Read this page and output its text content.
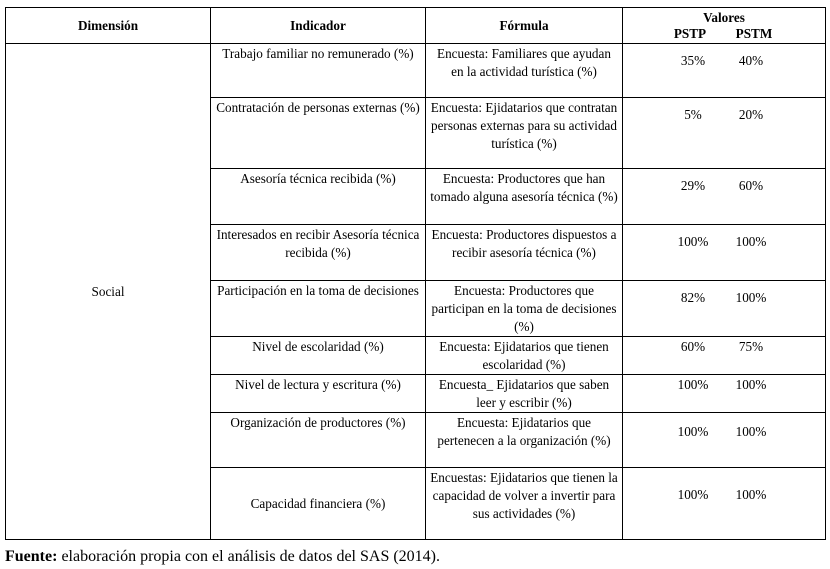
Dimensión	Indicador	Fórmula	Valores
PSTP PSTM

Social	Trabajo familiar no remunerado (%)	Encuesta: Familiares que ayudan en la actividad turística (%)	35% 40%

	Contratación de personas externas (%)	Encuesta: Ejidatarios que contratan personas externas para su actividad turística (%)	5% 20%

	Asesoría técnica recibida (%)	Encuesta: Productores que han tomado alguna asesoría técnica (%)	29% 60%

	Interesados en recibir Asesoría técnica recibida (%)	Encuesta: Productores dispuestos a recibir asesoría técnica (%)	100% 100%

	Participación en la toma de decisiones	Encuesta: Productores que participan en la toma de decisiones (%)	82% 100%

	Nivel de escolaridad (%)	Encuesta: Ejidatarios que tienen escolaridad (%)	60% 75%

	Nivel de lectura y escritura (%)	Encuesta_ Ejidatarios que saben leer y escribir (%)	100% 100%

	Organización de productores (%)	Encuesta: Ejidatarios que pertenecen a la organización (%)	100% 100%

	Capacidad financiera (%)	Encuestas: Ejidatarios que tienen la capacidad de volver a invertir para sus actividades (%)	100% 100%
Fuente: elaboración propia con el análisis de datos del SAS (2014).
